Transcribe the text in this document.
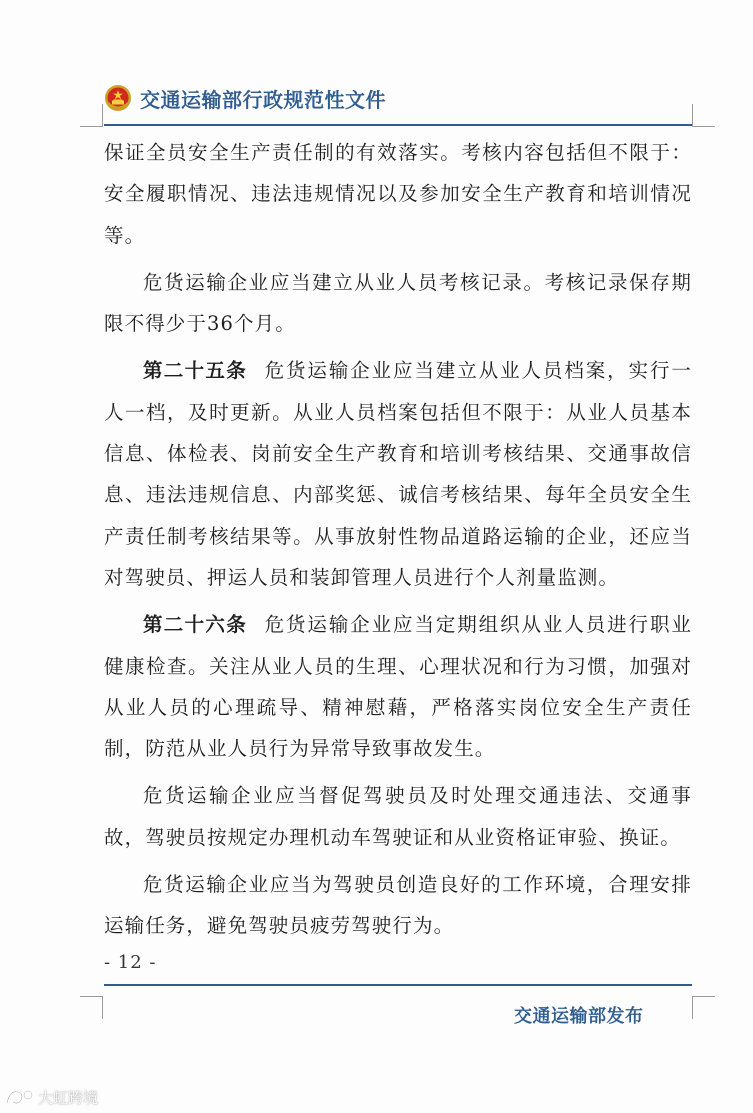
交通运输部行政规范性文件

保证全员安全生产责任制的有效落实。考核内容包括但不限于：安全履职情况、违法违规情况以及参加安全生产教育和培训情况等。

危货运输企业应当建立从业人员考核记录。考核记录保存期限不得少于36个月。

第二十五条 危货运输企业应当建立从业人员档案，实行一人一档，及时更新。从业人员档案包括但不限于：从业人员基本信息、体检表、岗前安全生产教育和培训考核结果、交通事故信息、违法违规信息、内部奖惩、诚信考核结果、每年全员安全生产责任制考核结果等。从事放射性物品道路运输的企业，还应当对驾驶员、押运人员和装卸管理人员进行个人剂量监测。

第二十六条 危货运输企业应当定期组织从业人员进行职业健康检查。关注从业人员的生理、心理状况和行为习惯，加强对从业人员的心理疏导、精神慰藉，严格落实岗位安全生产责任制，防范从业人员行为异常导致事故发生。

危货运输企业应当督促驾驶员及时处理交通违法、交通事故，驾驶员按规定办理机动车驾驶证和从业资格证审验、换证。

危货运输企业应当为驾驶员创造良好的工作环境，合理安排运输任务，避免驾驶员疲劳驾驶行为。

- 12 -
交通运输部发布
大虹跨境
